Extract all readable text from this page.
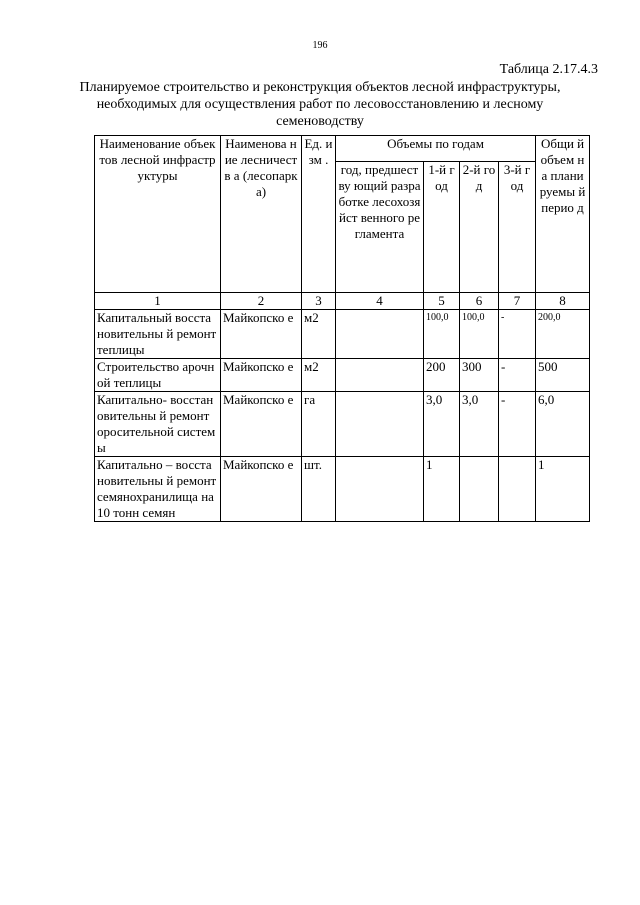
196
Таблица 2.17.4.3
Планируемое строительство и реконструкция объектов лесной инфраструктуры, необходимых для осуществления работ по лесовосстановлению и лесному семеноводству
Наименование объектов лесной инфраструктуры	Наименова ние лесничеств а (лесопарка)	Ед. изм .	Объемы по годам				Общи й объем на плани руемы й перио д
			год, предшеству ющий разработке лесохозяйст венного регламента	1-й год	2-й год	3-й год	
1	2	3	4	5	6	7	8
Капитальный восстановительны й ремонт теплицы	Майкопско е	м2		100,0	100,0	-	200,0
Строительство арочной теплицы	Майкопско е	м2		200	300	-	500
Капитально- восстановительны й ремонт оросительной системы	Майкопско е	га		3,0	3,0	-	6,0
Капитально – восстановительны й ремонт семянохранилища на 10 тонн семян	Майкопско е	шт.		1			1
